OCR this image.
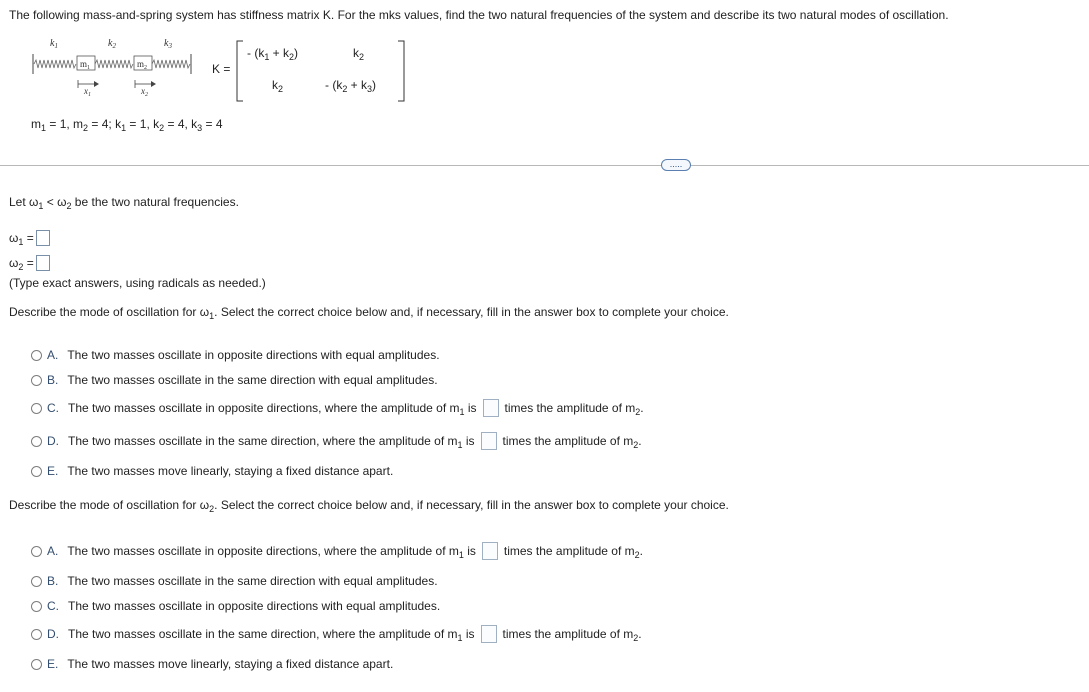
The following mass-and-spring system has stiffness matrix K. For the mks values, find the two natural frequencies of the system and describe its two natural modes of oscillation.
$m_1$	$m_2$
$k_1$	$k_2$	$k_3$
$x_1$	$x_2$
K =
- $(k_1 + k_2)$	$k_2$
$k_2$	- $(k_2 + k_3)$
$m_1 = 1$, $m_2 = 4$; $k_1 = 1$, $k_2 = 4$, $k_3 = 4$
.....
Let $\omega_1 < \omega_2$ be the two natural frequencies.
$\omega_1$ =
$\omega_2$ =
(Type exact answers, using radicals as needed.)
Describe the mode of oscillation for $\omega_1$. Select the correct choice below and, if necessary, fill in the answer box to complete your choice.
A. The two masses oscillate in opposite directions with equal amplitudes.
B. The two masses oscillate in the same direction with equal amplitudes.
C. The two masses oscillate in opposite directions, where the amplitude of $m_1$ is times the amplitude of $m_2$.
D. The two masses oscillate in the same direction, where the amplitude of $m_1$ is times the amplitude of $m_2$.
E. The two masses move linearly, staying a fixed distance apart.
Describe the mode of oscillation for $\omega_2$. Select the correct choice below and, if necessary, fill in the answer box to complete your choice.
A. The two masses oscillate in opposite directions, where the amplitude of $m_1$ is times the amplitude of $m_2$.
B. The two masses oscillate in the same direction with equal amplitudes.
C. The two masses oscillate in opposite directions with equal amplitudes.
D. The two masses oscillate in the same direction, where the amplitude of $m_1$ is times the amplitude of $m_2$.
E. The two masses move linearly, staying a fixed distance apart.
